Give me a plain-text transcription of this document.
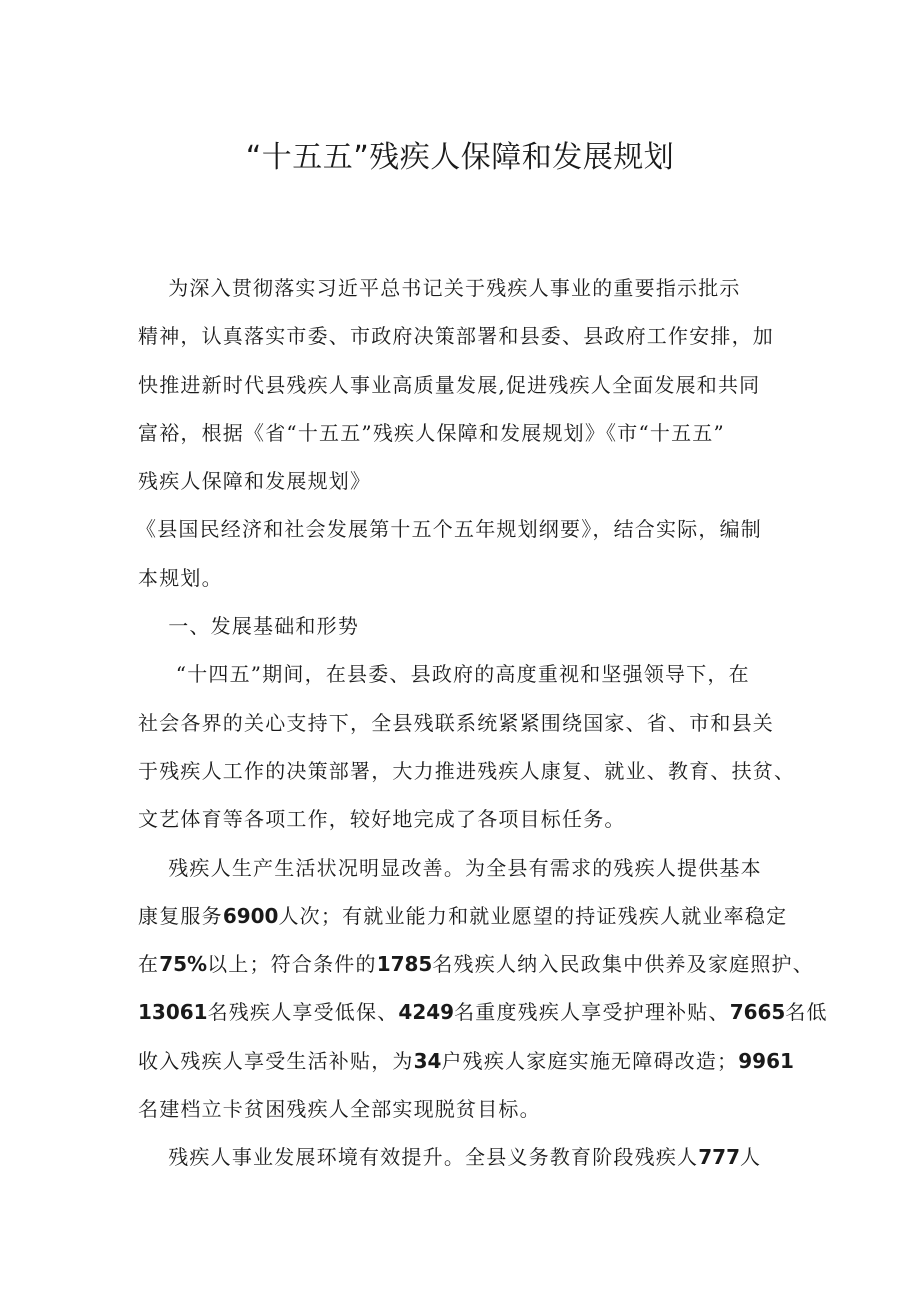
“十五五”残疾人保障和发展规划

为深入贯彻落实习近平总书记关于残疾人事业的重要指示批示

精神，认真落实市委、市政府决策部署和县委、县政府工作安排，加

快推进新时代县残疾人事业高质量发展,促进残疾人全面发展和共同

富裕，根据《省“十五五”残疾人保障和发展规划》《市“十五五”

残疾人保障和发展规划》

《县国民经济和社会发展第十五个五年规划纲要》，结合实际，编制

本规划。

一、发展基础和形势

“十四五”期间，在县委、县政府的高度重视和坚强领导下，在

社会各界的关心支持下，全县残联系统紧紧围绕国家、省、市和县关

于残疾人工作的决策部署，大力推进残疾人康复、就业、教育、扶贫、

文艺体育等各项工作，较好地完成了各项目标任务。

残疾人生产生活状况明显改善。为全县有需求的残疾人提供基本

康复服务6900人次；有就业能力和就业愿望的持证残疾人就业率稳定

在75%以上；符合条件的1785名残疾人纳入民政集中供养及家庭照护、

13061名残疾人享受低保、4249名重度残疾人享受护理补贴、7665名低

收入残疾人享受生活补贴，为34户残疾人家庭实施无障碍改造；9961

名建档立卡贫困残疾人全部实现脱贫目标。

残疾人事业发展环境有效提升。全县义务教育阶段残疾人777人
